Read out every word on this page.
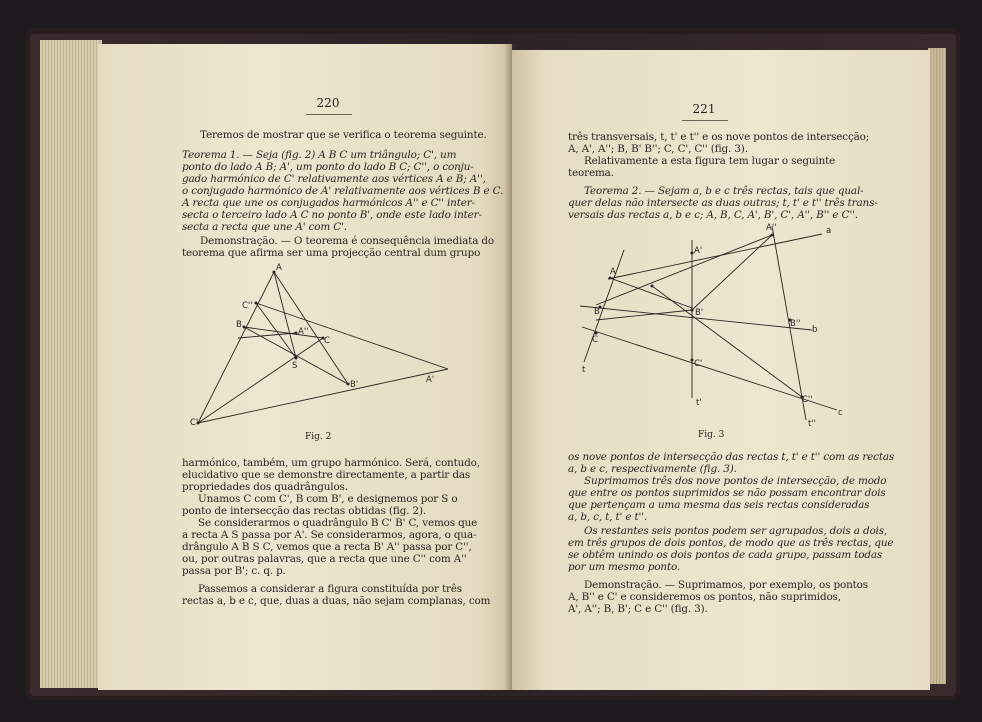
220
Teremos de mostrar que se verifica o teorema seguinte.
Teorema 1. — Seja (fig. 2) A B C um triângulo; C', um
ponto do lado A B; A', um ponto do lado B C; C'', o conju-
gado harmónico de C' relativamente aos vértices A e B; A'',
o conjugado harmónico de A' relativamente aos vértices B e C.
A recta que une os conjugados harmónicos A'' e C'' inter-
secta o terceiro lado A C no ponto B', onde este lado inter-
secta a recta que une A' com C'.
Demonstração. — O teorema é consequência imediata do
teorema que afirma ser uma projecção central dum grupo
A
C''
B
A''
C
S
B'	A'
C'
Fig. 2
harmónico, também, um grupo harmónico. Será, contudo,
elucidativo que se demonstre directamente, a partir das
propriedades dos quadrângulos.
Unamos C com C', B com B', e designemos por S o
ponto de intersecção das rectas obtidas (fig. 2).
Se considerarmos o quadrângulo B C' B' C, vemos que
a recta A S passa por A'. Se considerarmos, agora, o qua-
drângulo A B S C, vemos que a recta B' A'' passa por C'',
ou, por outras palavras, que a recta que une C'' com A''
passa por B'; c. q. p.
Passemos a considerar a figura constituída por três
rectas a, b e c, que, duas a duas, não sejam complanas, com
221
três transversais, t, t' e t'' e os nove pontos de intersecção;
A, A', A''; B, B' B''; C, C', C'' (fig. 3).
Relativamente a esta figura tem lugar o seguinte
teorema.
Teorema 2. — Sejam a, b e c três rectas, tais que qual-
quer delas não intersecte as duas outras; t, t' e t'' três trans-
versais das rectas a, b e c; A, B, C, A', B', C', A'', B'' e C''.
A''	a
A
A'
B	B'
B''
b
C
C'
C''
c
t
t'
t''
Fig. 3
os nove pontos de intersecção das rectas t, t' e t'' com as rectas
a, b e c, respectivamente (fig. 3).
Suprimamos três dos nove pontos de intersecção, de modo
que entre os pontos suprimidos se não possam encontrar dois
que pertençam a uma mesma das seis rectas consideradas
a, b, c, t, t' e t''.
Os restantes seis pontos podem ser agrupados, dois a dois,
em três grupos de dois pontos, de modo que as três rectas, que
se obtêm unindo os dois pontos de cada grupo, passam todas
por um mesmo ponto.
Demonstração. — Suprimamos, por exemplo, os pontos
A, B'' e C' e consideremos os pontos, não suprimidos,
A', A''; B, B'; C e C'' (fig. 3).
